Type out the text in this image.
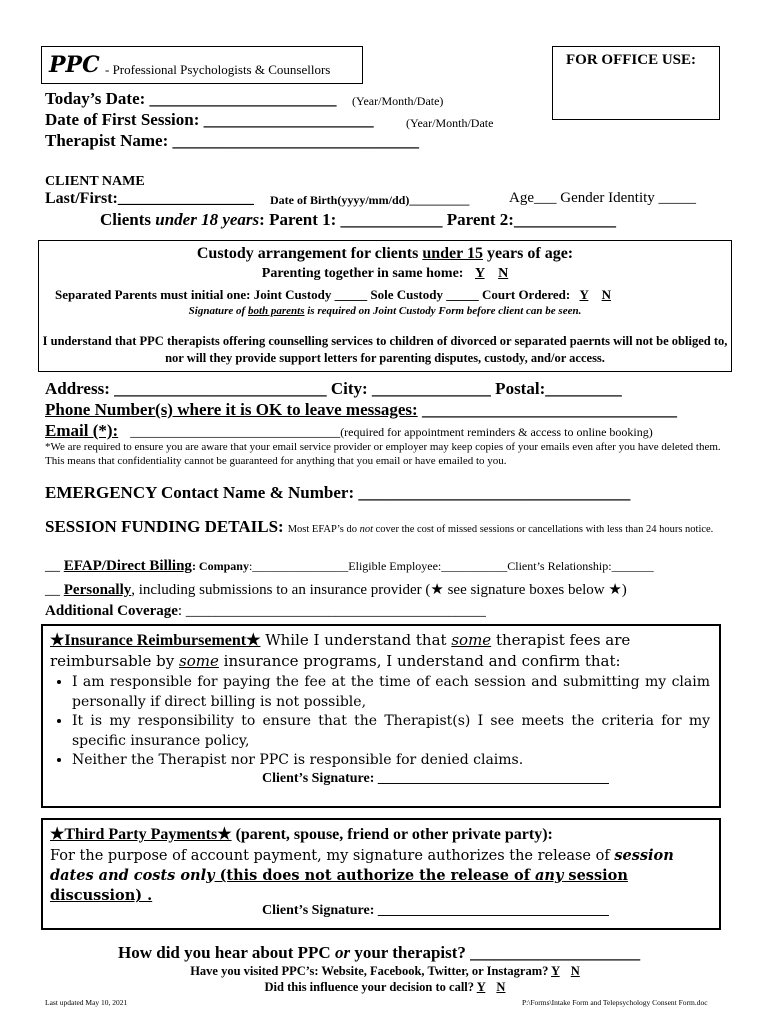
PPC - Professional Psychologists & Counsellors
FOR OFFICE USE:
Today’s Date: ______________________ (Year/Month/Date)
Date of First Session: ____________________	(Year/Month/Date
Therapist Name: _____________________________
CLIENT NAME
Last/First:_________________ Date of Birth(yyyy/mm/dd)__________	Age___ Gender Identity _____
Clients under 18 years: Parent 1: ____________ Parent 2:____________
Custody arrangement for clients under 15 years of age:
Parenting together in same home: Y N
Separated Parents must initial one: Joint Custody _____ Sole Custody _____ Court Ordered: Y N
Signature of both parents is required on Joint Custody Form before client can be seen.
I understand that PPC therapists offering counselling services to children of divorced or separated paernts will not be obliged to, nor will they provide support letters for parenting disputes, custody, and/or access.
Address: _________________________ City: ______________ Postal:_________
Phone Number(s) where it is OK to leave messages: ______________________________
Email (*): ______________________________(required for appointment reminders & access to online booking)
*We are required to ensure you are aware that your email service provider or employer may keep copies of your emails even after you have deleted them. This means that confidentiality cannot be guaranteed for anything that you email or have emailed to you.
EMERGENCY Contact Name & Number: ________________________________
SESSION FUNDING DETAILS: Most EFAP’s do not cover the cost of missed sessions or cancellations with less than 24 hours notice.
__ EFAP/Direct Billing: Company:________________Eligible Employee:___________Client’s Relationship:_______
__ Personally, including submissions to an insurance provider (★ see signature boxes below ★)
Additional Coverage: ________________________________________
★Insurance Reimbursement★ While I understand that some therapist fees are reimbursable by some insurance programs, I understand and confirm that:
• I am responsible for paying the fee at the time of each session and submitting my claim personally if direct billing is not possible,
• It is my responsibility to ensure that the Therapist(s) I see meets the criteria for my specific insurance policy,
• Neither the Therapist nor PPC is responsible for denied claims.
Client’s Signature: _________________________________
★Third Party Payments★ (parent, spouse, friend or other private party):
For the purpose of account payment, my signature authorizes the release of session dates and costs only (this does not authorize the release of any session discussion) .
Client’s Signature: _________________________________
How did you hear about PPC or your therapist? ____________________
Have you visited PPC’s: Website, Facebook, Twitter, or Instagram? Y N
Did this influence your decision to call? Y N
Last updated May 10, 2021	P:\Forms\Intake Form and Telepsychology Consent Form.doc
